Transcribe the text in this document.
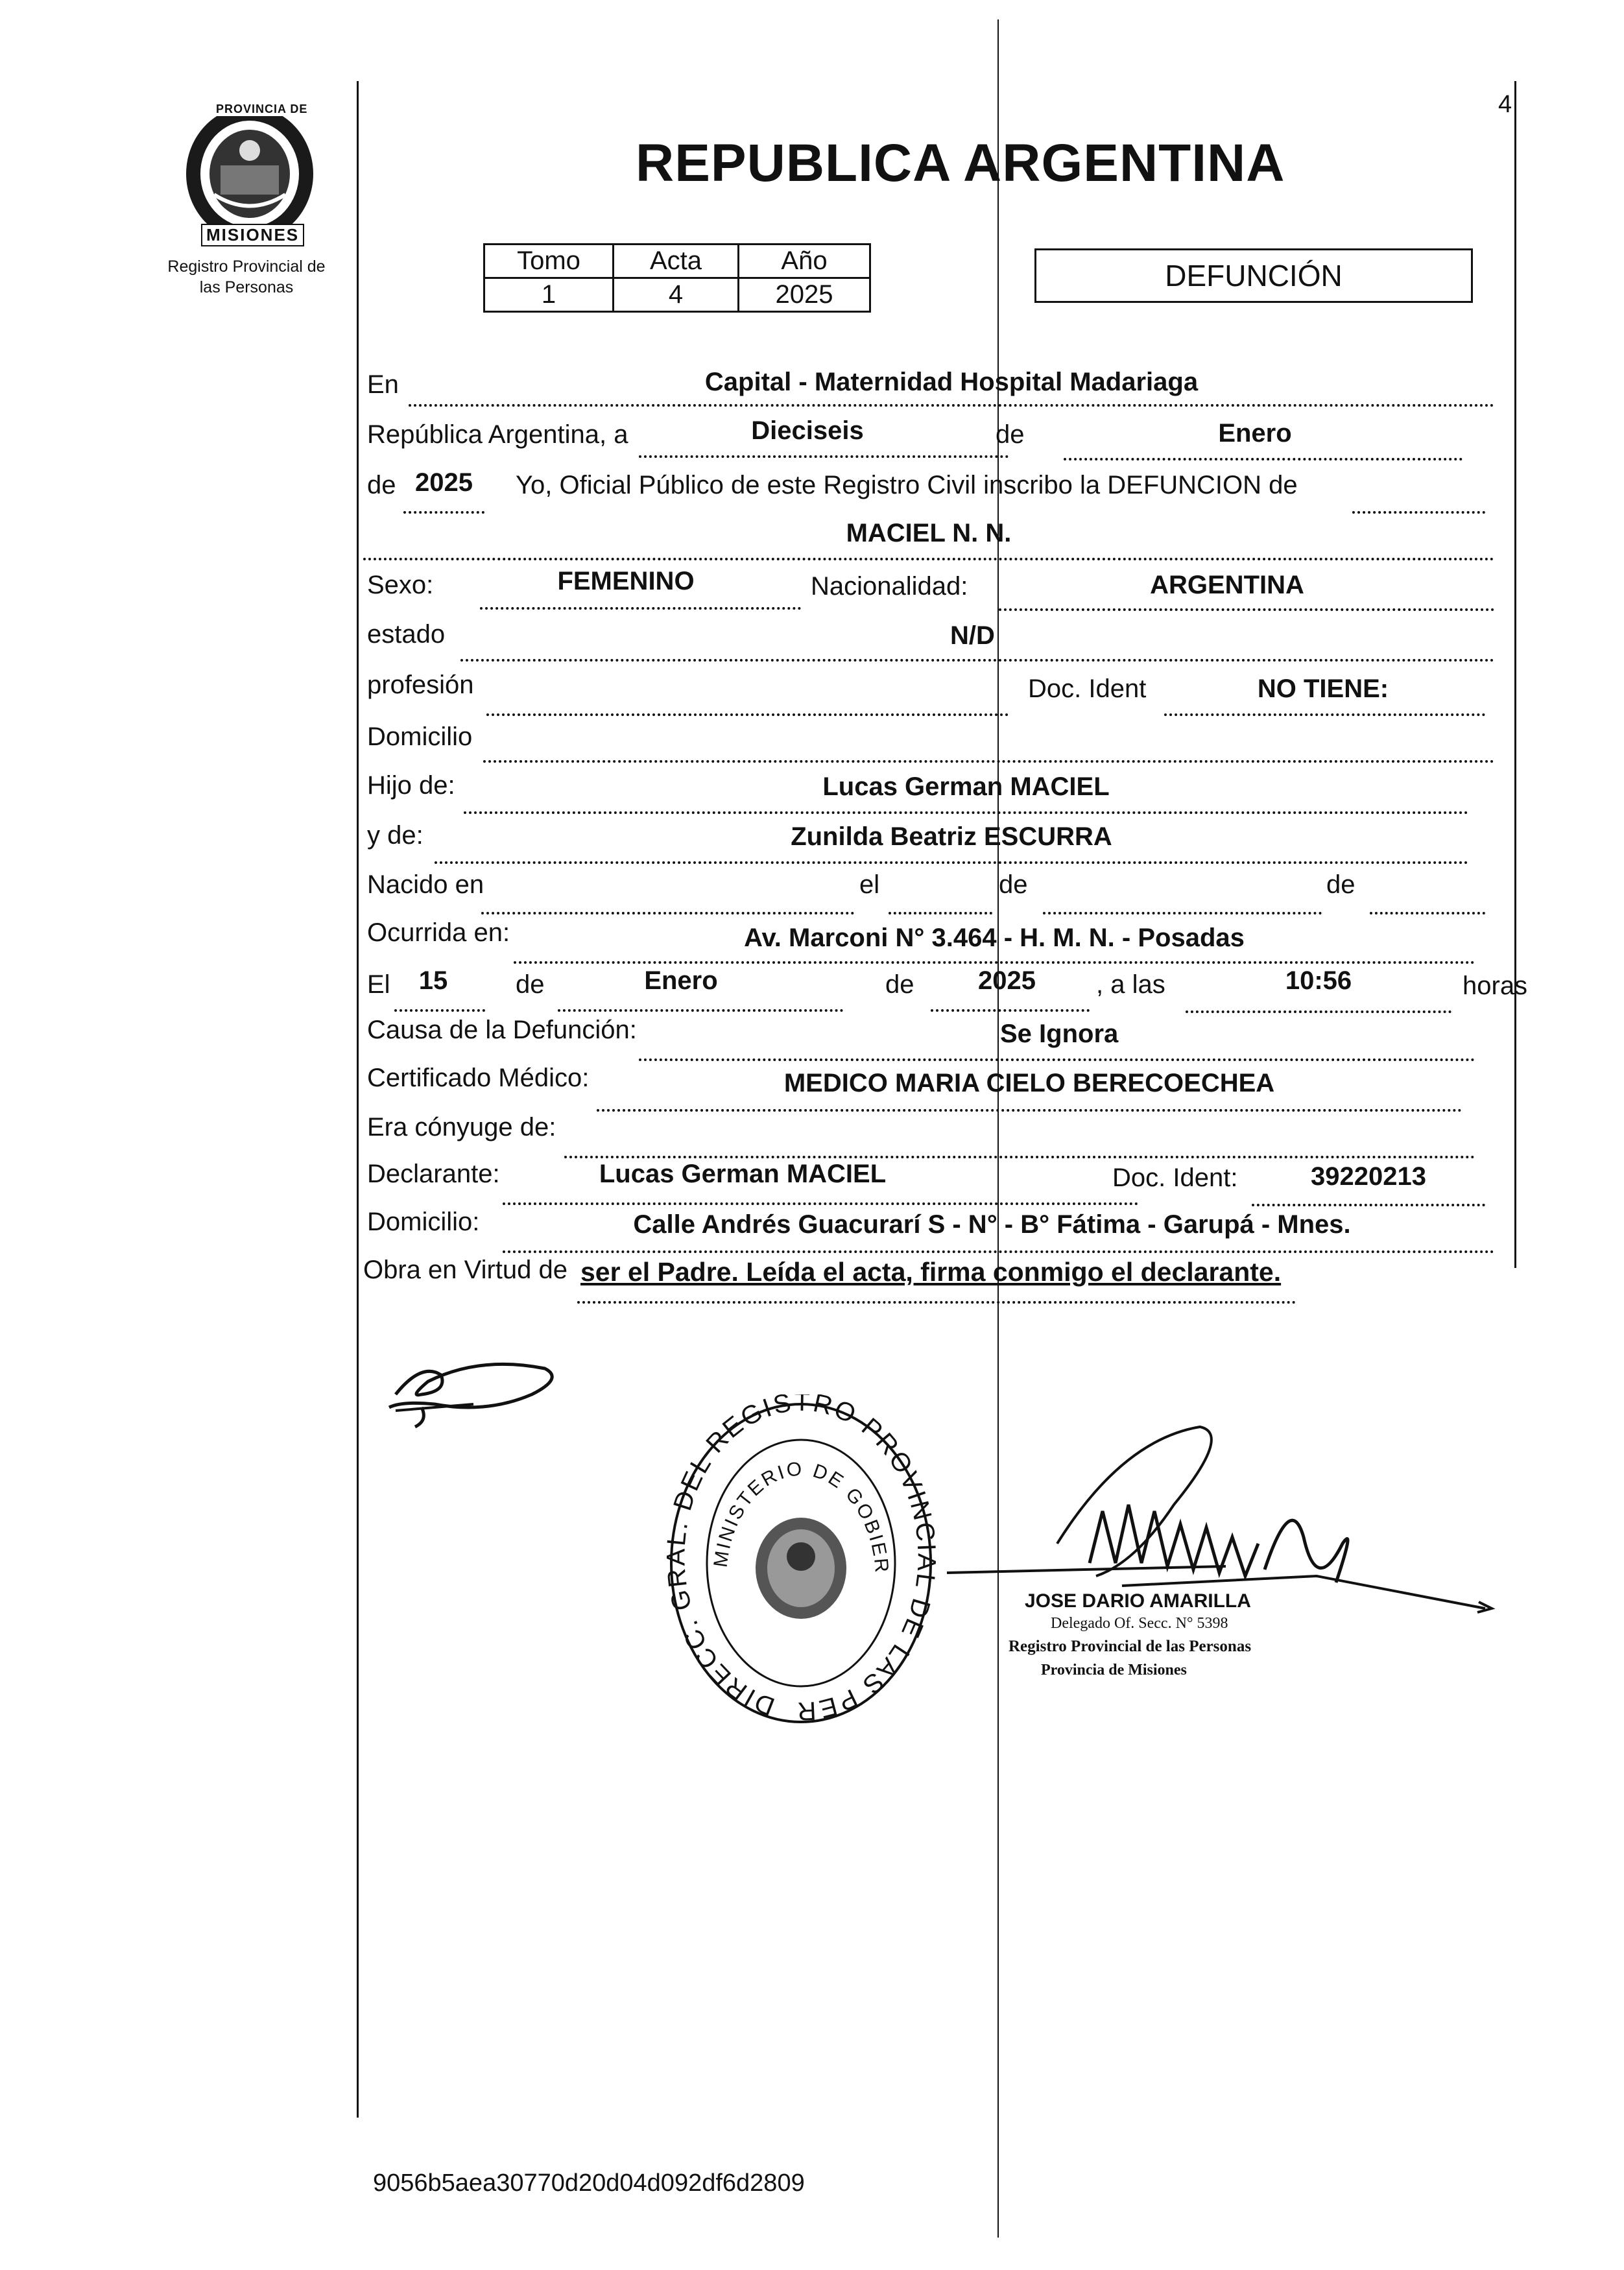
4
PROVINCIA DE
MISIONES
Registro Provincial de
las Personas
REPUBLICA ARGENTINA
Tomo	Acta	Año
1	4	2025
DEFUNCIÓN
En	Capital - Maternidad Hospital Madariaga
República Argentina, a	Dieciseis	de	Enero
de 2025	Yo, Oficial Público de este Registro Civil inscribo la DEFUNCION de
MACIEL N. N.
Sexo:	FEMENINO	Nacionalidad:	ARGENTINA
estado	N/D
profesión	Doc. Ident	NO TIENE:
Domicilio
Hijo de:	Lucas German MACIEL
y de:	Zunilda Beatriz ESCURRA
Nacido en	el	de	de
Ocurrida en:	Av. Marconi N° 3.464 - H. M. N. - Posadas
El	15	de	Enero	de	2025	, a las	10:56	horas
Causa de la Defunción:	Se Ignora
Certificado Médico:	MEDICO MARIA CIELO BERECOECHEA
Era cónyuge de:
Declarante:	Lucas German MACIEL	Doc. Ident:	39220213
Domicilio:	Calle Andrés Guacurarí S - N° - B° Fátima - Garupá - Mnes.
Obra en Virtud de ser el Padre. Leída el acta, firma conmigo el declarante.
DIRECC. GR L. DEL REGISTRO PROVIN L DE LAS PER
MINISTERIO DE GOBIER
JOSE DARIO AMARILLA
Delegado Of. Secc. N° 5398
Registro Provincial de las Personas
Provincia de Misiones
9056b5aea30770d20d04d092df6d2809
